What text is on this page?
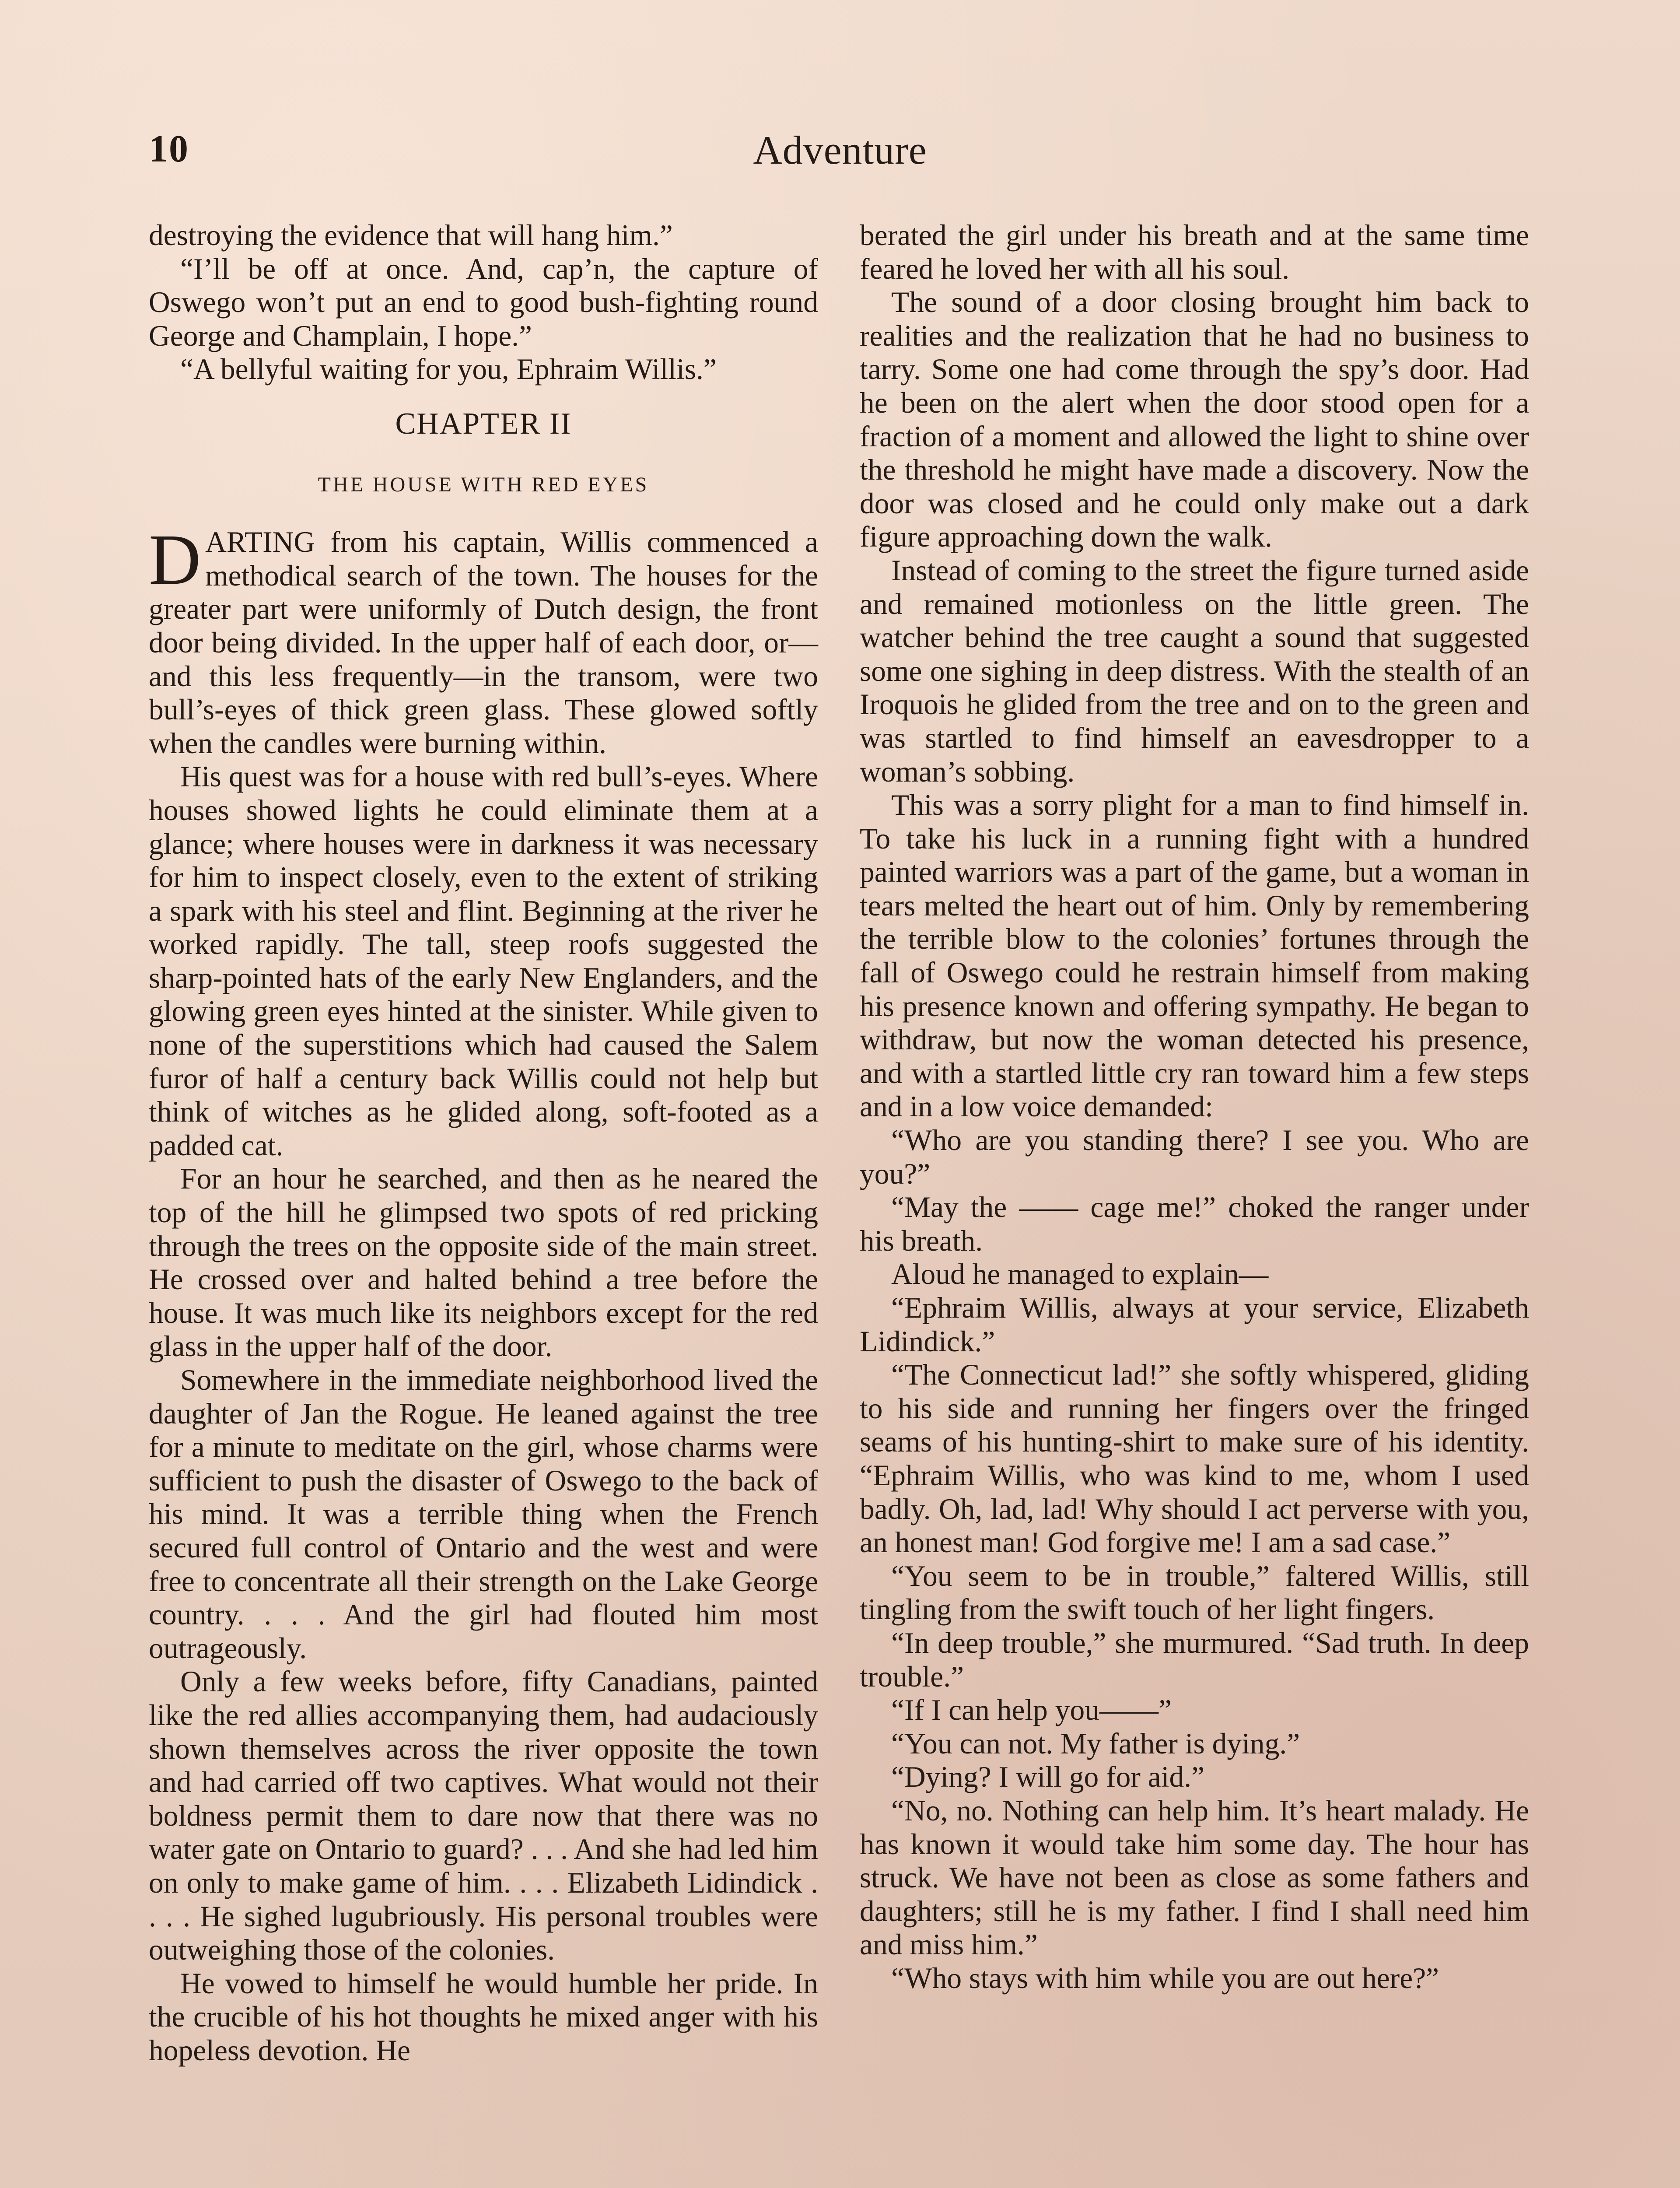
10	Adventure

destroying the evidence that will hang him.”

“I’ll be off at once. And, cap’n, the capture of Oswego won’t put an end to good bush-fighting round George and Champlain, I hope.”

“A bellyful waiting for you, Ephraim Willis.”

CHAPTER II
THE HOUSE WITH RED EYES

DARTING from his captain, Willis commenced a methodical search of the town. The houses for the greater part were uniformly of Dutch design, the front door being divided. In the upper half of each door, or—and this less frequently—in the transom, were two bull’s-eyes of thick green glass. These glowed softly when the candles were burning within.

His quest was for a house with red bull’s-eyes. Where houses showed lights he could eliminate them at a glance; where houses were in darkness it was necessary for him to inspect closely, even to the extent of striking a spark with his steel and flint. Beginning at the river he worked rapidly. The tall, steep roofs suggested the sharp-pointed hats of the early New Englanders, and the glowing green eyes hinted at the sinister. While given to none of the superstitions which had caused the Salem furor of half a century back Willis could not help but think of witches as he glided along, soft-footed as a padded cat.

For an hour he searched, and then as he neared the top of the hill he glimpsed two spots of red pricking through the trees on the opposite side of the main street. He crossed over and halted behind a tree before the house. It was much like its neighbors except for the red glass in the upper half of the door.

Somewhere in the immediate neighborhood lived the daughter of Jan the Rogue. He leaned against the tree for a minute to meditate on the girl, whose charms were sufficient to push the disaster of Oswego to the back of his mind. It was a terrible thing when the French secured full control of Ontario and the west and were free to concentrate all their strength on the Lake George country. . . . And the girl had flouted him most outrageously.

Only a few weeks before, fifty Canadians, painted like the red allies accompanying them, had audaciously shown themselves across the river opposite the town and had carried off two captives. What would not their boldness permit them to dare now that there was no water gate on Ontario to guard? . . . And she had led him on only to make game of him. . . . Elizabeth Lidindick . . . . He sighed lugubriously. His personal troubles were outweighing those of the colonies.

He vowed to himself he would humble her pride. In the crucible of his hot thoughts he mixed anger with his hopeless devotion. He

berated the girl under his breath and at the same time feared he loved her with all his soul.

The sound of a door closing brought him back to realities and the realization that he had no business to tarry. Some one had come through the spy’s door. Had he been on the alert when the door stood open for a fraction of a moment and allowed the light to shine over the threshold he might have made a discovery. Now the door was closed and he could only make out a dark figure approaching down the walk.

Instead of coming to the street the figure turned aside and remained motionless on the little green. The watcher behind the tree caught a sound that suggested some one sighing in deep distress. With the stealth of an Iroquois he glided from the tree and on to the green and was startled to find himself an eavesdropper to a woman’s sobbing.

This was a sorry plight for a man to find himself in. To take his luck in a running fight with a hundred painted warriors was a part of the game, but a woman in tears melted the heart out of him. Only by remembering the terrible blow to the colonies’ fortunes through the fall of Oswego could he restrain himself from making his presence known and offering sympathy. He began to withdraw, but now the woman detected his presence, and with a startled little cry ran toward him a few steps and in a low voice demanded:

“Who are you standing there? I see you. Who are you?”

“May the —— cage me!” choked the ranger under his breath.

Aloud he managed to explain—

“Ephraim Willis, always at your service, Elizabeth Lidindick.”

“The Connecticut lad!” she softly whispered, gliding to his side and running her fingers over the fringed seams of his hunting-shirt to make sure of his identity. “Ephraim Willis, who was kind to me, whom I used badly. Oh, lad, lad! Why should I act perverse with you, an honest man! God forgive me! I am a sad case.”

“You seem to be in trouble,” faltered Willis, still tingling from the swift touch of her light fingers.

“In deep trouble,” she murmured. “Sad truth. In deep trouble.”

“If I can help you——”

“You can not. My father is dying.”

“Dying? I will go for aid.”

“No, no. Nothing can help him. It’s heart malady. He has known it would take him some day. The hour has struck. We have not been as close as some fathers and daughters; still he is my father. I find I shall need him and miss him.”

“Who stays with him while you are out here?”
